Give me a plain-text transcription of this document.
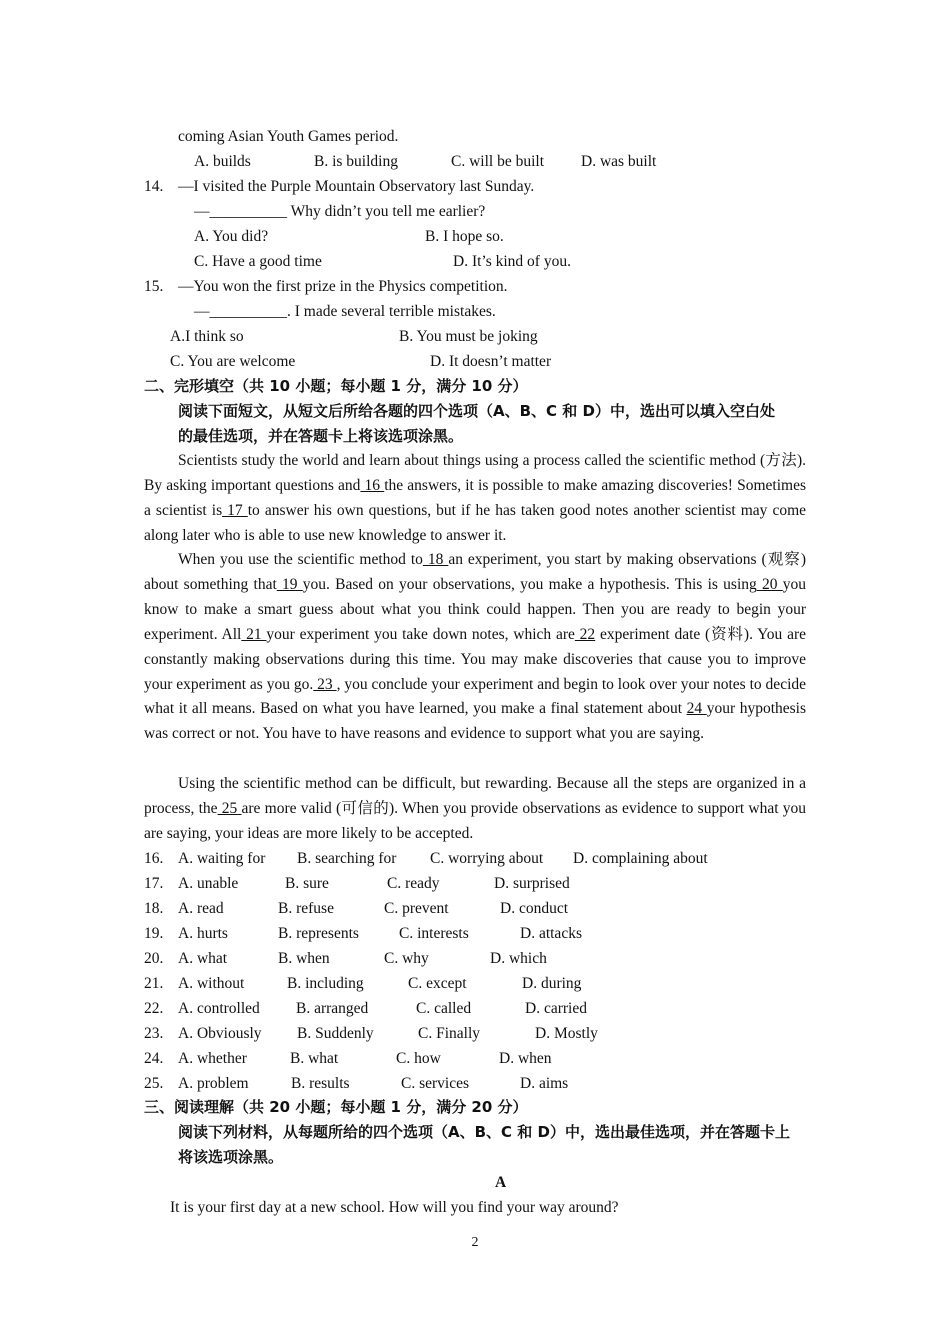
coming Asian Youth Games period.
A. builds	B. is building	C. will be built D. was built
14. —I visited the Purple Mountain Observatory last Sunday.
—__________ Why didn’t you tell me earlier?
A. You did?	B. I hope so.
C. Have a good time	D. It’s kind of you.
15. —You won the first prize in the Physics competition.
—__________. I made several terrible mistakes.
A.I think so	B. You must be joking
C. You are welcome	D. It doesn’t matter
二、完形填空（共 10 小题；每小题 1 分，满分 10 分）
阅读下面短文，从短文后所给各题的四个选项（A、B、C 和 D）中，选出可以填入空白处
的最佳选项，并在答题卡上将该选项涂黑。
Scientists study the world and learn about things using a process called the scientific method (方法). By asking important questions and 16 the answers, it is possible to make amazing discoveries! Sometimes a scientist is 17 to answer his own questions, but if he has taken good notes another scientist may come along later who is able to use new knowledge to answer it.
When you use the scientific method to 18 an experiment, you start by making observations (观察) about something that 19 you. Based on your observations, you make a hypothesis. This is using 20 you know to make a smart guess about what you think could happen. Then you are ready to begin your experiment. All 21 your experiment you take down notes, which are 22 experiment date (资料). You are constantly making observations during this time. You may make discoveries that cause you to improve your experiment as you go. 23 , you conclude your experiment and begin to look over your notes to decide what it all means. Based on what you have learned, you make a final statement about 24 your hypothesis was correct or not. You have to have reasons and evidence to support what you are saying.
Using the scientific method can be difficult, but rewarding. Because all the steps are organized in a process, the 25 are more valid (可信的). When you provide observations as evidence to support what you are saying, your ideas are more likely to be accepted.
16. A. waiting for B. searching for C. worrying about D. complaining about
17. A. unable	B. sure	C. ready	D. surprised
18. A. read	B. refuse	C. prevent	D. conduct
19. A. hurts	B. represents	C. interests	D. attacks
20. A. what	B. when	C. why	D. which
21. A. without	B. including	C. except	D. during
22. A. controlled B. arranged	C. called	D. carried
23. A. Obviously B. Suddenly	C. Finally	D. Mostly
24. A. whether	B. what	C. how	D. when
25. A. problem	B. results	C. services	D. aims
三、阅读理解（共 20 小题；每小题 1 分，满分 20 分）
阅读下列材料，从每题所给的四个选项（A、B、C 和 D）中，选出最佳选项，并在答题卡上
将该选项涂黑。
A
It is your first day at a new school. How will you find your way around?
2
